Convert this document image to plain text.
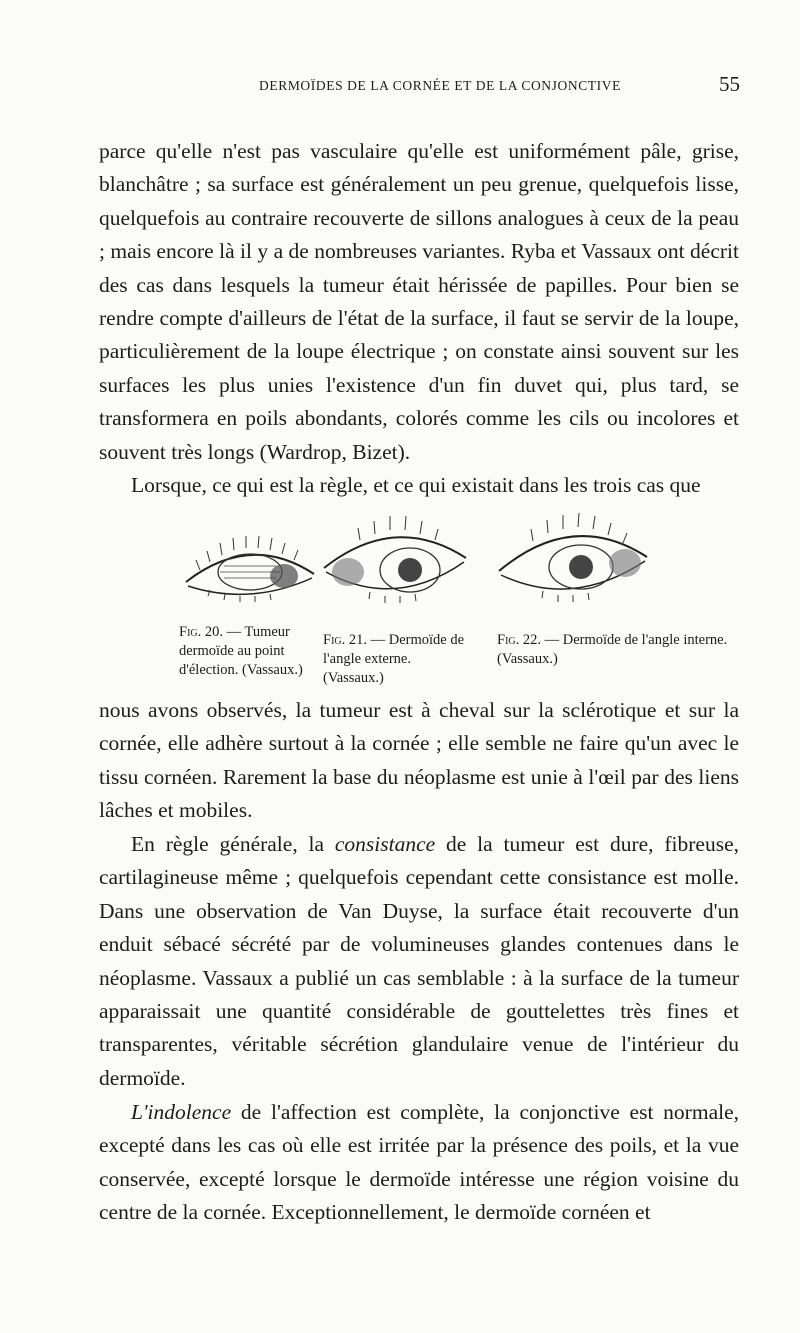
DERMOÏDES DE LA CORNÉE ET DE LA CONJONCTIVE	55

parce qu'elle n'est pas vasculaire qu'elle est uniformément pâle, grise, blanchâtre ; sa surface est généralement un peu grenue, quelquefois lisse, quelquefois au contraire recouverte de sillons analogues à ceux de la peau ; mais encore là il y a de nombreuses variantes. Ryba et Vassaux ont décrit des cas dans lesquels la tumeur était hérissée de papilles. Pour bien se rendre compte d'ailleurs de l'état de la surface, il faut se servir de la loupe, particulièrement de la loupe électrique ; on constate ainsi souvent sur les surfaces les plus unies l'existence d'un fin duvet qui, plus tard, se transformera en poils abondants, colorés comme les cils ou incolores et souvent très longs (Wardrop, Bizet).

Lorsque, ce qui est la règle, et ce qui existait dans les trois cas que

Fig. 20. — Tumeur dermoïde au point d'élection. (Vassaux.)
Fig. 21. — Dermoïde de l'angle externe. (Vassaux.)
Fig. 22. — Dermoïde de l'angle interne. (Vassaux.)

nous avons observés, la tumeur est à cheval sur la sclérotique et sur la cornée, elle adhère surtout à la cornée ; elle semble ne faire qu'un avec le tissu cornéen. Rarement la base du néoplasme est unie à l'œil par des liens lâches et mobiles.

En règle générale, la consistance de la tumeur est dure, fibreuse, cartilagineuse même ; quelquefois cependant cette consistance est molle. Dans une observation de Van Duyse, la surface était recouverte d'un enduit sébacé sécrété par de volumineuses glandes contenues dans le néoplasme. Vassaux a publié un cas semblable : à la surface de la tumeur apparaissait une quantité considérable de gouttelettes très fines et transparentes, véritable sécrétion glandulaire venue de l'intérieur du dermoïde.

L'indolence de l'affection est complète, la conjonctive est normale, excepté dans les cas où elle est irritée par la présence des poils, et la vue conservée, excepté lorsque le dermoïde intéresse une région voisine du centre de la cornée. Exceptionnellement, le dermoïde cornéen et
